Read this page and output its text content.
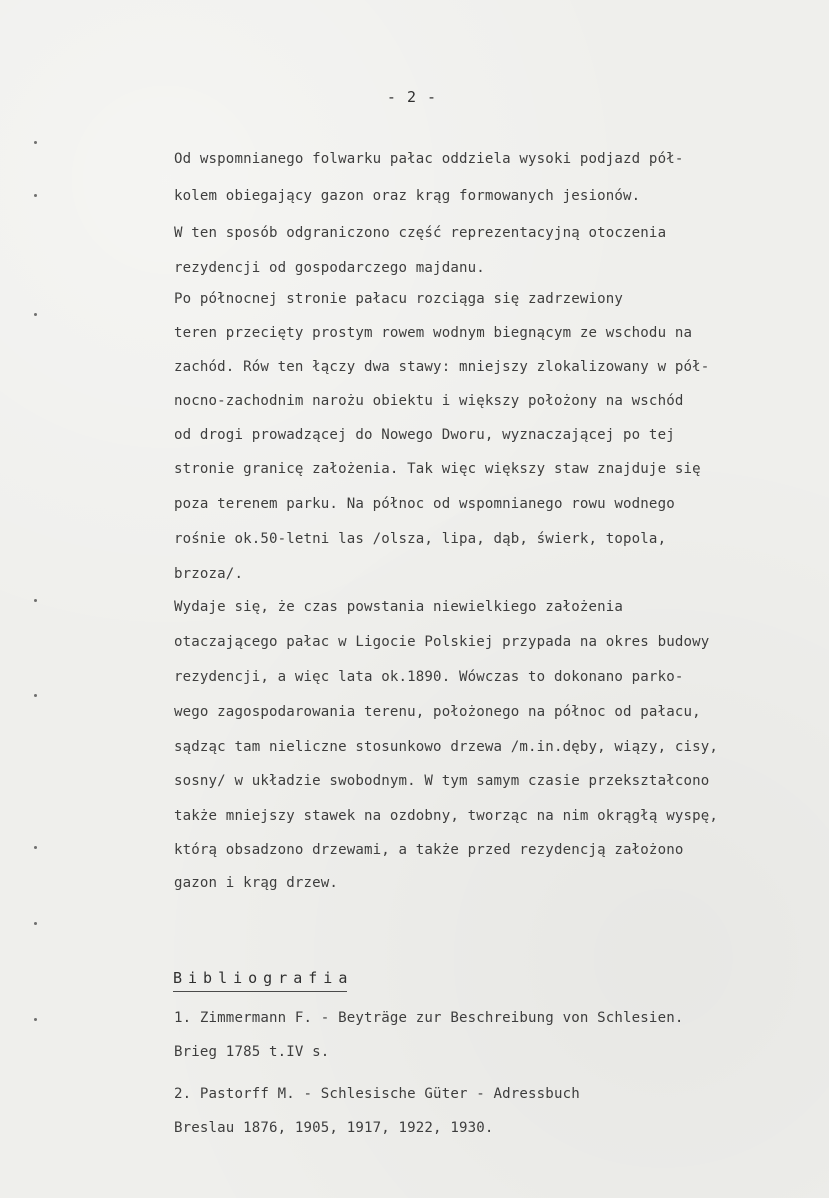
- 2 -
Od wspomnianego folwarku pałac oddziela wysoki podjazd pół-
kolem obiegający gazon oraz krąg formowanych jesionów.
W ten sposób odgraniczono część reprezentacyjną otoczenia
rezydencji od gospodarczego majdanu.
Po północnej stronie pałacu rozciąga się zadrzewiony
teren przecięty prostym rowem wodnym biegnącym ze wschodu na
zachód. Rów ten łączy dwa stawy: mniejszy zlokalizowany w pół-
nocno-zachodnim narożu obiektu i większy położony na wschód
od drogi prowadzącej do Nowego Dworu, wyznaczającej po tej
stronie granicę założenia. Tak więc większy staw znajduje się
poza terenem parku. Na północ od wspomnianego rowu wodnego
rośnie ok.50-letni las /olsza, lipa, dąb, świerk, topola,
brzoza/.
Wydaje się, że czas powstania niewielkiego założenia
otaczającego pałac w Ligocie Polskiej przypada na okres budowy
rezydencji, a więc lata ok.1890. Wówczas to dokonano parko-
wego zagospodarowania terenu, położonego na północ od pałacu,
sądząc tam nieliczne stosunkowo drzewa /m.in.dęby, wiązy, cisy,
sosny/ w układzie swobodnym. W tym samym czasie przekształcono
także mniejszy stawek na ozdobny, tworząc na nim okrągłą wyspę,
którą obsadzono drzewami, a także przed rezydencją założono
gazon i krąg drzew.
Bibliografia
1. Zimmermann F. - Beyträge zur Beschreibung von Schlesien.
Brieg 1785 t.IV s.
2. Pastorff M. - Schlesische Güter - Adressbuch
Breslau 1876, 1905, 1917, 1922, 1930.
